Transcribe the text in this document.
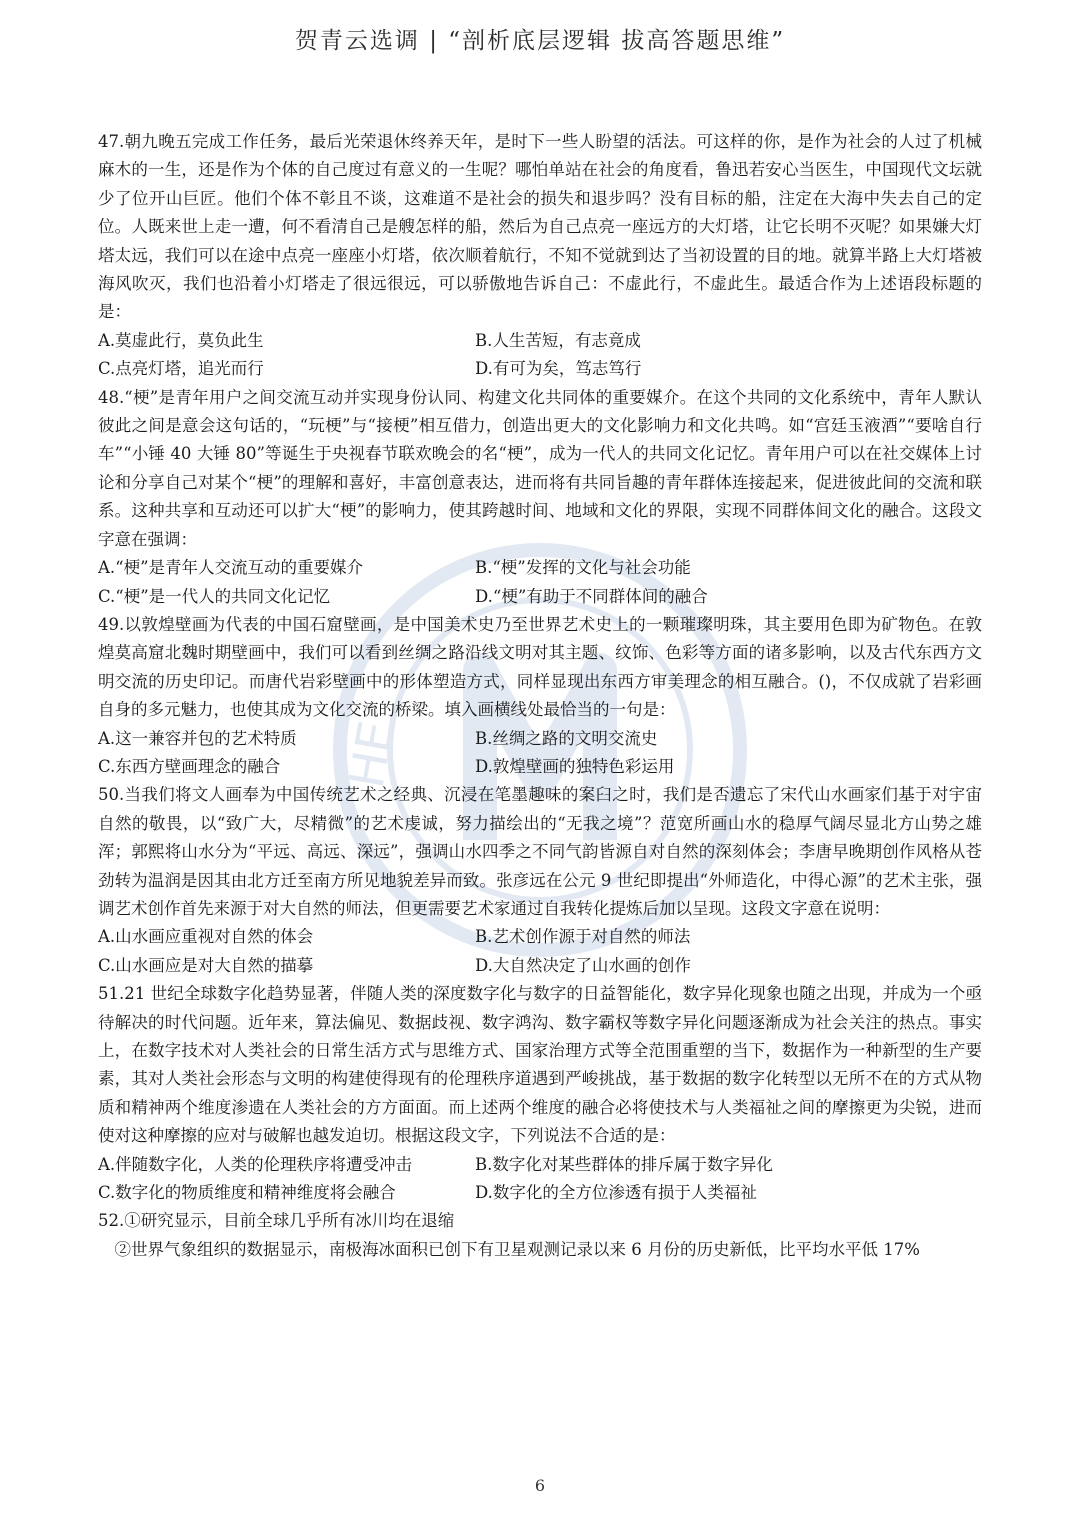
贺青云选调 | “剖析底层逻辑 拔高答题思维”
HE

47.朝九晚五完成工作任务，最后光荣退休终养天年，是时下一些人盼望的活法。可这样的你，是作为社会的人过了机械麻木的一生，还是作为个体的自己度过有意义的一生呢？哪怕单站在社会的角度看，鲁迅若安心当医生，中国现代文坛就少了位开山巨匠。他们个体不彰且不谈，这难道不是社会的损失和退步吗？没有目标的船，注定在大海中失去自己的定位。人既来世上走一遭，何不看清自己是艘怎样的船，然后为自己点亮一座远方的大灯塔，让它长明不灭呢？如果嫌大灯塔太远，我们可以在途中点亮一座座小灯塔，依次顺着航行，不知不觉就到达了当初设置的目的地。就算半路上大灯塔被海风吹灭，我们也沿着小灯塔走了很远很远，可以骄傲地告诉自己：不虚此行，不虚此生。最适合作为上述语段标题的是：

A.莫虚此行，莫负此生	B.人生苦短，有志竟成
C.点亮灯塔，追光而行	D.有可为矣，笃志笃行

48.“梗”是青年用户之间交流互动并实现身份认同、构建文化共同体的重要媒介。在这个共同的文化系统中，青年人默认彼此之间是意会这句话的，“玩梗”与“接梗”相互借力，创造出更大的文化影响力和文化共鸣。如“宫廷玉液酒”“要啥自行车”“小锤 40 大锤 80”等诞生于央视春节联欢晚会的名“梗”，成为一代人的共同文化记忆。青年用户可以在社交媒体上讨论和分享自己对某个“梗”的理解和喜好，丰富创意表达，进而将有共同旨趣的青年群体连接起来，促进彼此间的交流和联系。这种共享和互动还可以扩大“梗”的影响力，使其跨越时间、地域和文化的界限，实现不同群体间文化的融合。这段文字意在强调：

A.“梗”是青年人交流互动的重要媒介	B.“梗”发挥的文化与社会功能
C.“梗”是一代人的共同文化记忆	D.“梗”有助于不同群体间的融合

49.以敦煌壁画为代表的中国石窟壁画，是中国美术史乃至世界艺术史上的一颗璀璨明珠，其主要用色即为矿物色。在敦煌莫高窟北魏时期壁画中，我们可以看到丝绸之路沿线文明对其主题、纹饰、色彩等方面的诸多影响，以及古代东西方文明交流的历史印记。而唐代岩彩壁画中的形体塑造方式，同样显现出东西方审美理念的相互融合。()，不仅成就了岩彩画自身的多元魅力，也使其成为文化交流的桥梁。填入画横线处最恰当的一句是：

A.这一兼容并包的艺术特质	B.丝绸之路的文明交流史
C.东西方壁画理念的融合	D.敦煌壁画的独特色彩运用

50.当我们将文人画奉为中国传统艺术之经典、沉浸在笔墨趣味的案臼之时，我们是否遗忘了宋代山水画家们基于对宇宙自然的敬畏，以“致广大，尽精微”的艺术虔诚，努力描绘出的“无我之境”？范宽所画山水的稳厚气阔尽显北方山势之雄浑；郭熙将山水分为“平远、高远、深远”，强调山水四季之不同气韵皆源自对自然的深刻体会；李唐早晚期创作风格从苍劲转为温润是因其由北方迁至南方所见地貌差异而致。张彦远在公元 9 世纪即提出“外师造化，中得心源”的艺术主张，强调艺术创作首先来源于对大自然的师法，但更需要艺术家通过自我转化提炼后加以呈现。这段文字意在说明：

A.山水画应重视对自然的体会	B.艺术创作源于对自然的师法
C.山水画应是对大自然的描摹	D.大自然决定了山水画的创作

51.21 世纪全球数字化趋势显著，伴随人类的深度数字化与数字的日益智能化，数字异化现象也随之出现，并成为一个亟待解决的时代问题。近年来，算法偏见、数据歧视、数字鸿沟、数字霸权等数字异化问题逐渐成为社会关注的热点。事实上，在数字技术对人类社会的日常生活方式与思维方式、国家治理方式等全范围重塑的当下，数据作为一种新型的生产要素，其对人类社会形态与文明的构建使得现有的伦理秩序道遇到严峻挑战，基于数据的数字化转型以无所不在的方式从物质和精神两个维度渗遗在人类社会的方方面面。而上述两个维度的融合必将使技术与人类福祉之间的摩擦更为尖锐，进而使对这种摩擦的应对与破解也越发迫切。根据这段文字，下列说法不合适的是：

A.伴随数字化，人类的伦理秩序将遭受冲击	B.数字化对某些群体的排斥属于数字异化
C.数字化的物质维度和精神维度将会融合	D.数字化的全方位渗透有损于人类福祉

52.①研究显示，目前全球几乎所有冰川均在退缩

②世界气象组织的数据显示，南极海冰面积已创下有卫星观测记录以来 6 月份的历史新低，比平均水平低 17%

6
